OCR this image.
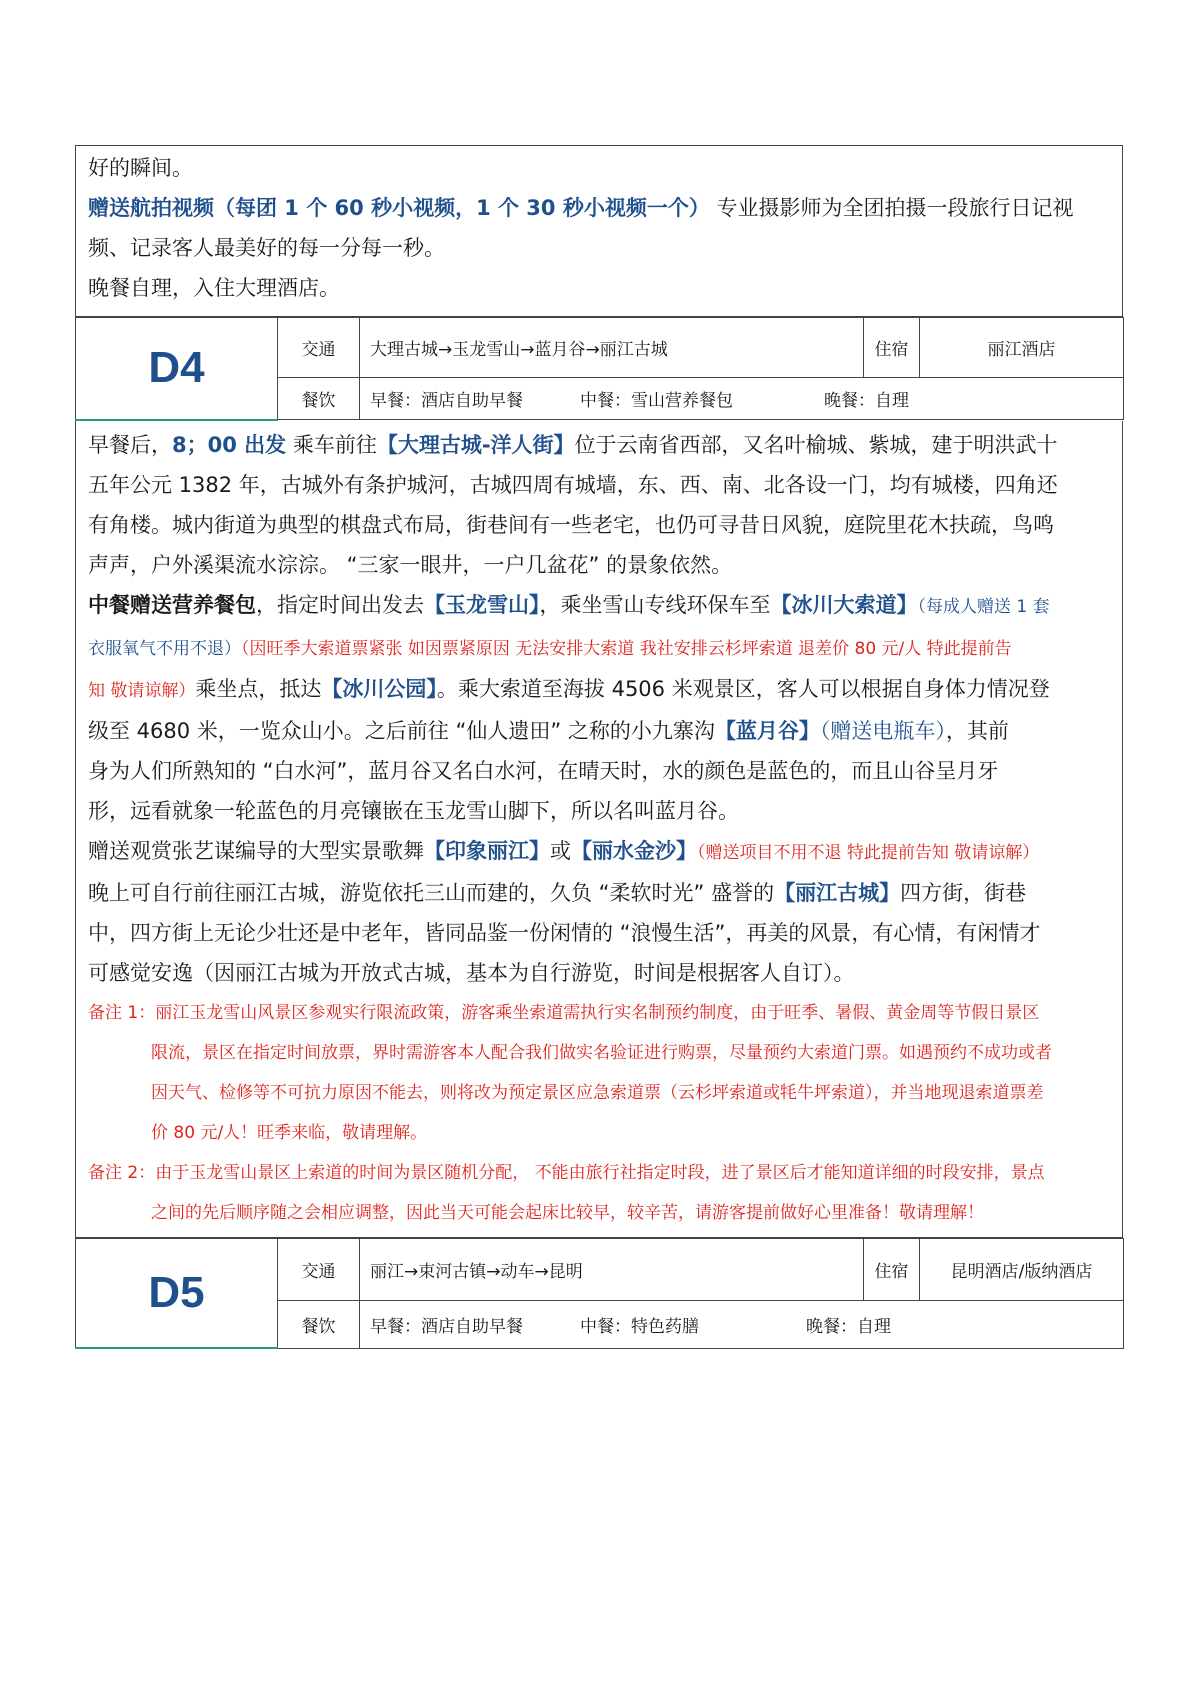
好的瞬间。
赠送航拍视频（每团 1 个 60 秒小视频，1 个 30 秒小视频一个） 专业摄影师为全团拍摄一段旅行日记视
频、记录客人最美好的每一分每一秒。
晚餐自理，入住大理酒店。
D4	交通	大理古城→玉龙雪山→蓝月谷→丽江古城	住宿	丽江酒店
	餐饮	早餐：酒店自助早餐 中餐：雪山营养餐包 晚餐：自理		
早餐后，8；00 出发 乘车前往【大理古城-洋人街】位于云南省西部，又名叶榆城、紫城，建于明洪武十
五年公元 1382 年，古城外有条护城河，古城四周有城墙，东、西、南、北各设一门，均有城楼，四角还
有角楼。城内街道为典型的棋盘式布局，街巷间有一些老宅，也仍可寻昔日风貌，庭院里花木扶疏，鸟鸣
声声，户外溪渠流水淙淙。 “三家一眼井，一户几盆花” 的景象依然。
中餐赠送营养餐包，指定时间出发去【玉龙雪山】，乘坐雪山专线环保车至【冰川大索道】（每成人赠送 1 套
衣服氧气不用不退）（因旺季大索道票紧张 如因票紧原因 无法安排大索道 我社安排云杉坪索道 退差价 80 元/人 特此提前告
知 敬请谅解）乘坐点，抵达【冰川公园】。乘大索道至海拔 4506 米观景区，客人可以根据自身体力情况登
级至 4680 米，一览众山小。之后前往 “仙人遗田” 之称的小九寨沟【蓝月谷】（赠送电瓶车），其前
身为人们所熟知的 “白水河”，蓝月谷又名白水河，在晴天时，水的颜色是蓝色的，而且山谷呈月牙
形，远看就象一轮蓝色的月亮镶嵌在玉龙雪山脚下，所以名叫蓝月谷。
赠送观赏张艺谋编导的大型实景歌舞【印象丽江】或【丽水金沙】（赠送项目不用不退 特此提前告知 敬请谅解）
晚上可自行前往丽江古城，游览依托三山而建的，久负 “柔软时光” 盛誉的【丽江古城】四方街，街巷
中，四方街上无论少壮还是中老年，皆同品鉴一份闲情的 “浪慢生活”，再美的风景，有心情，有闲情才
可感觉安逸（因丽江古城为开放式古城，基本为自行游览，时间是根据客人自订）。
备注 1：丽江玉龙雪山风景区参观实行限流政策，游客乘坐索道需执行实名制预约制度，由于旺季、暑假、黄金周等节假日景区
限流，景区在指定时间放票，界时需游客本人配合我们做实名验证进行购票，尽量预约大索道门票。如遇预约不成功或者
因天气、检修等不可抗力原因不能去，则将改为预定景区应急索道票（云杉坪索道或牦牛坪索道），并当地现退索道票差
价 80 元/人！旺季来临，敬请理解。
备注 2：由于玉龙雪山景区上索道的时间为景区随机分配， 不能由旅行社指定时段，进了景区后才能知道详细的时段安排，景点
之间的先后顺序随之会相应调整，因此当天可能会起床比较早，较辛苦，请游客提前做好心里准备！敬请理解！
D5	交通	丽江→束河古镇→动车→昆明	住宿	昆明酒店/版纳酒店
	餐饮	早餐：酒店自助早餐 中餐：特色药膳 晚餐：自理		
